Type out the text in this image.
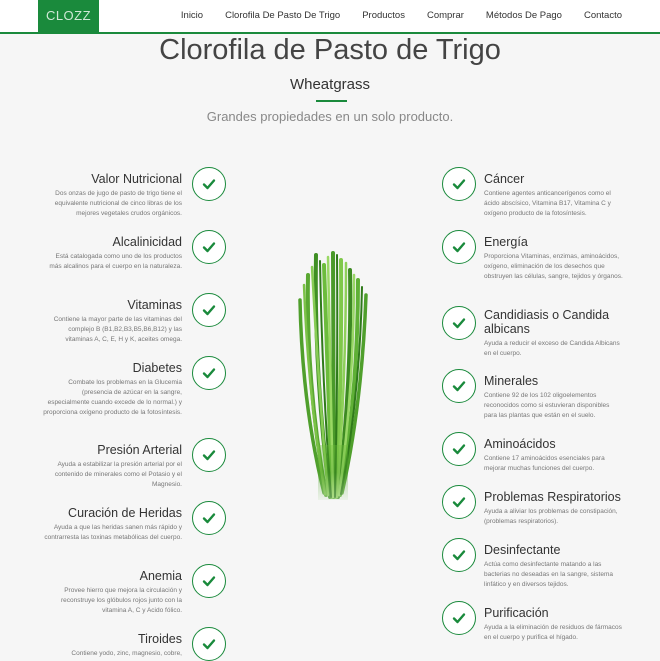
CLOZZ	Inicio	Clorofila De Pasto De Trigo	Productos	Comprar	Métodos De Pago	Contacto
Clorofila de Pasto de Trigo
Wheatgrass
Grandes propiedades en un solo producto.
Valor Nutricional
Dos onzas de jugo de pasto de trigo tiene el equivalente nutricional de cinco libras de los mejores vegetales crudos orgánicos.
Alcalinicidad
Está catalogada como uno de los productos más alcalinos para el cuerpo en la naturaleza.
Vitaminas
Contiene la mayor parte de las vitaminas del complejo B (B1,B2,B3,B5,B6,B12) y las vitaminas A, C, E, H y K, aceites omega.
Diabetes
Combate los problemas en la Glucemia (presencia de azúcar en la sangre, especialmente cuando excede de lo normal.) y proporciona oxígeno producto de la fotosíntesis.
Presión Arterial
Ayuda a estabilizar la presión arterial por el contenido de minerales como el Potasio y el Magnesio.
Curación de Heridas
Ayuda a que las heridas sanen más rápido y contrarresta las toxinas metabólicas del cuerpo.
Anemia
Provee hierro que mejora la circulación y reconstruye los glóbulos rojos junto con la vitamina A, C y Acido fólico.
Tiroides
Contiene yodo, zinc, magnesio, cobre,
Cáncer
Contiene agentes anticancerígenos como el ácido abscísico, Vitamina B17, Vitamina C y oxígeno producto de la fotosíntesis.
Energía
Proporciona Vitaminas, enzimas, aminoácidos, oxígeno, eliminación de los desechos que obstruyen las células, sangre, tejidos y órganos.
Candidiasis o Candida albicans
Ayuda a reducir el exceso de Candida Albicans en el cuerpo.
Minerales
Contiene 92 de los 102 oligoelementos reconocidos como si estuvieran disponibles para las plantas que están en el suelo.
Aminoácidos
Contiene 17 aminoácidos esenciales para mejorar muchas funciones del cuerpo.
Problemas Respiratorios
Ayuda a aliviar los problemas de constipación, (problemas respiratorios).
Desinfectante
Actúa como desinfectante matando a las bacterias no deseadas en la sangre, sistema linfático y en diversos tejidos.
Purificación
Ayuda a la eliminación de residuos de fármacos en el cuerpo y purifica el hígado.
